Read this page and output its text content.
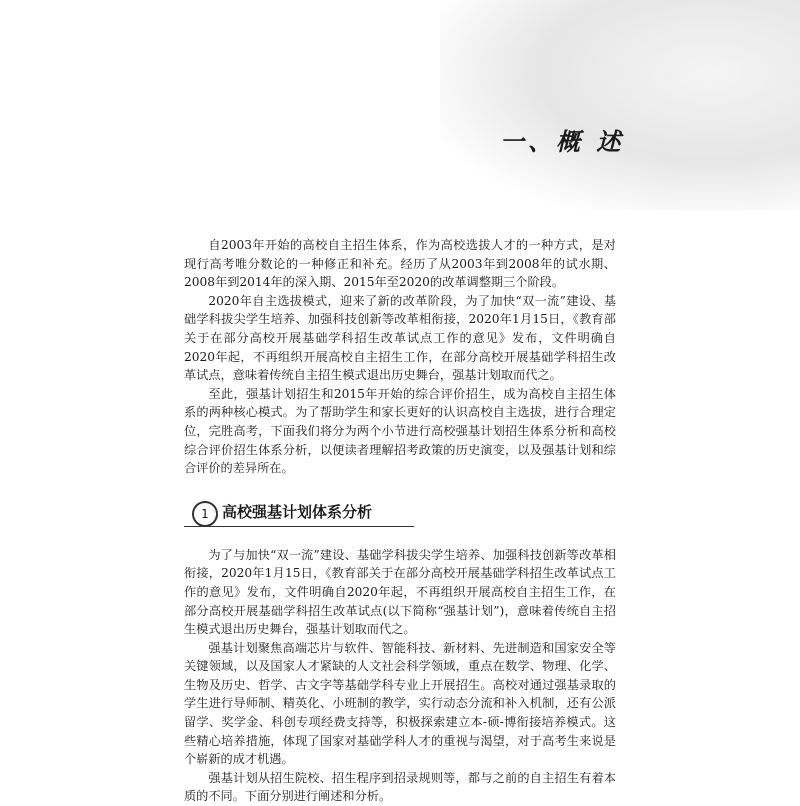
一、概 述

自2003年开始的高校自主招生体系，作为高校选拔人才的一种方式，是对现行高考唯分数论的一种修正和补充。经历了从2003年到2008年的试水期、2008年到2014年的深入期、2015年至2020的改革调整期三个阶段。

2020年自主选拔模式，迎来了新的改革阶段，为了加快“双一流”建设、基础学科拔尖学生培养、加强科技创新等改革相衔接，2020年1月15日，《教育部关于在部分高校开展基础学科招生改革试点工作的意见》发布，文件明确自2020年起，不再组织开展高校自主招生工作，在部分高校开展基础学科招生改革试点，意味着传统自主招生模式退出历史舞台，强基计划取而代之。

至此，强基计划招生和2015年开始的综合评价招生，成为高校自主招生体系的两种核心模式。为了帮助学生和家长更好的认识高校自主选拔，进行合理定位，完胜高考，下面我们将分为两个小节进行高校强基计划招生体系分析和高校综合评价招生体系分析，以便读者理解招考政策的历史演变，以及强基计划和综合评价的差异所在。

1 高校强基计划体系分析

为了与加快“双一流”建设、基础学科拔尖学生培养、加强科技创新等改革相衔接，2020年1月15日，《教育部关于在部分高校开展基础学科招生改革试点工作的意见》发布，文件明确自2020年起，不再组织开展高校自主招生工作，在部分高校开展基础学科招生改革试点(以下简称“强基计划”)，意味着传统自主招生模式退出历史舞台，强基计划取而代之。

强基计划聚焦高端芯片与软件、智能科技、新材料、先进制造和国家安全等关键领域，以及国家人才紧缺的人文社会科学领域，重点在数学、物理、化学、生物及历史、哲学、古文字等基础学科专业上开展招生。高校对通过强基录取的学生进行导师制、精英化、小班制的教学，实行动态分流和补入机制，还有公派留学、奖学金、科创专项经费支持等，积极探索建立本-硕-博衔接培养模式。这些精心培养措施，体现了国家对基础学科人才的重视与渴望，对于高考生来说是个崭新的成才机遇。

强基计划从招生院校、招生程序到招录规则等，都与之前的自主招生有着本质的不同。下面分别进行阐述和分析。
